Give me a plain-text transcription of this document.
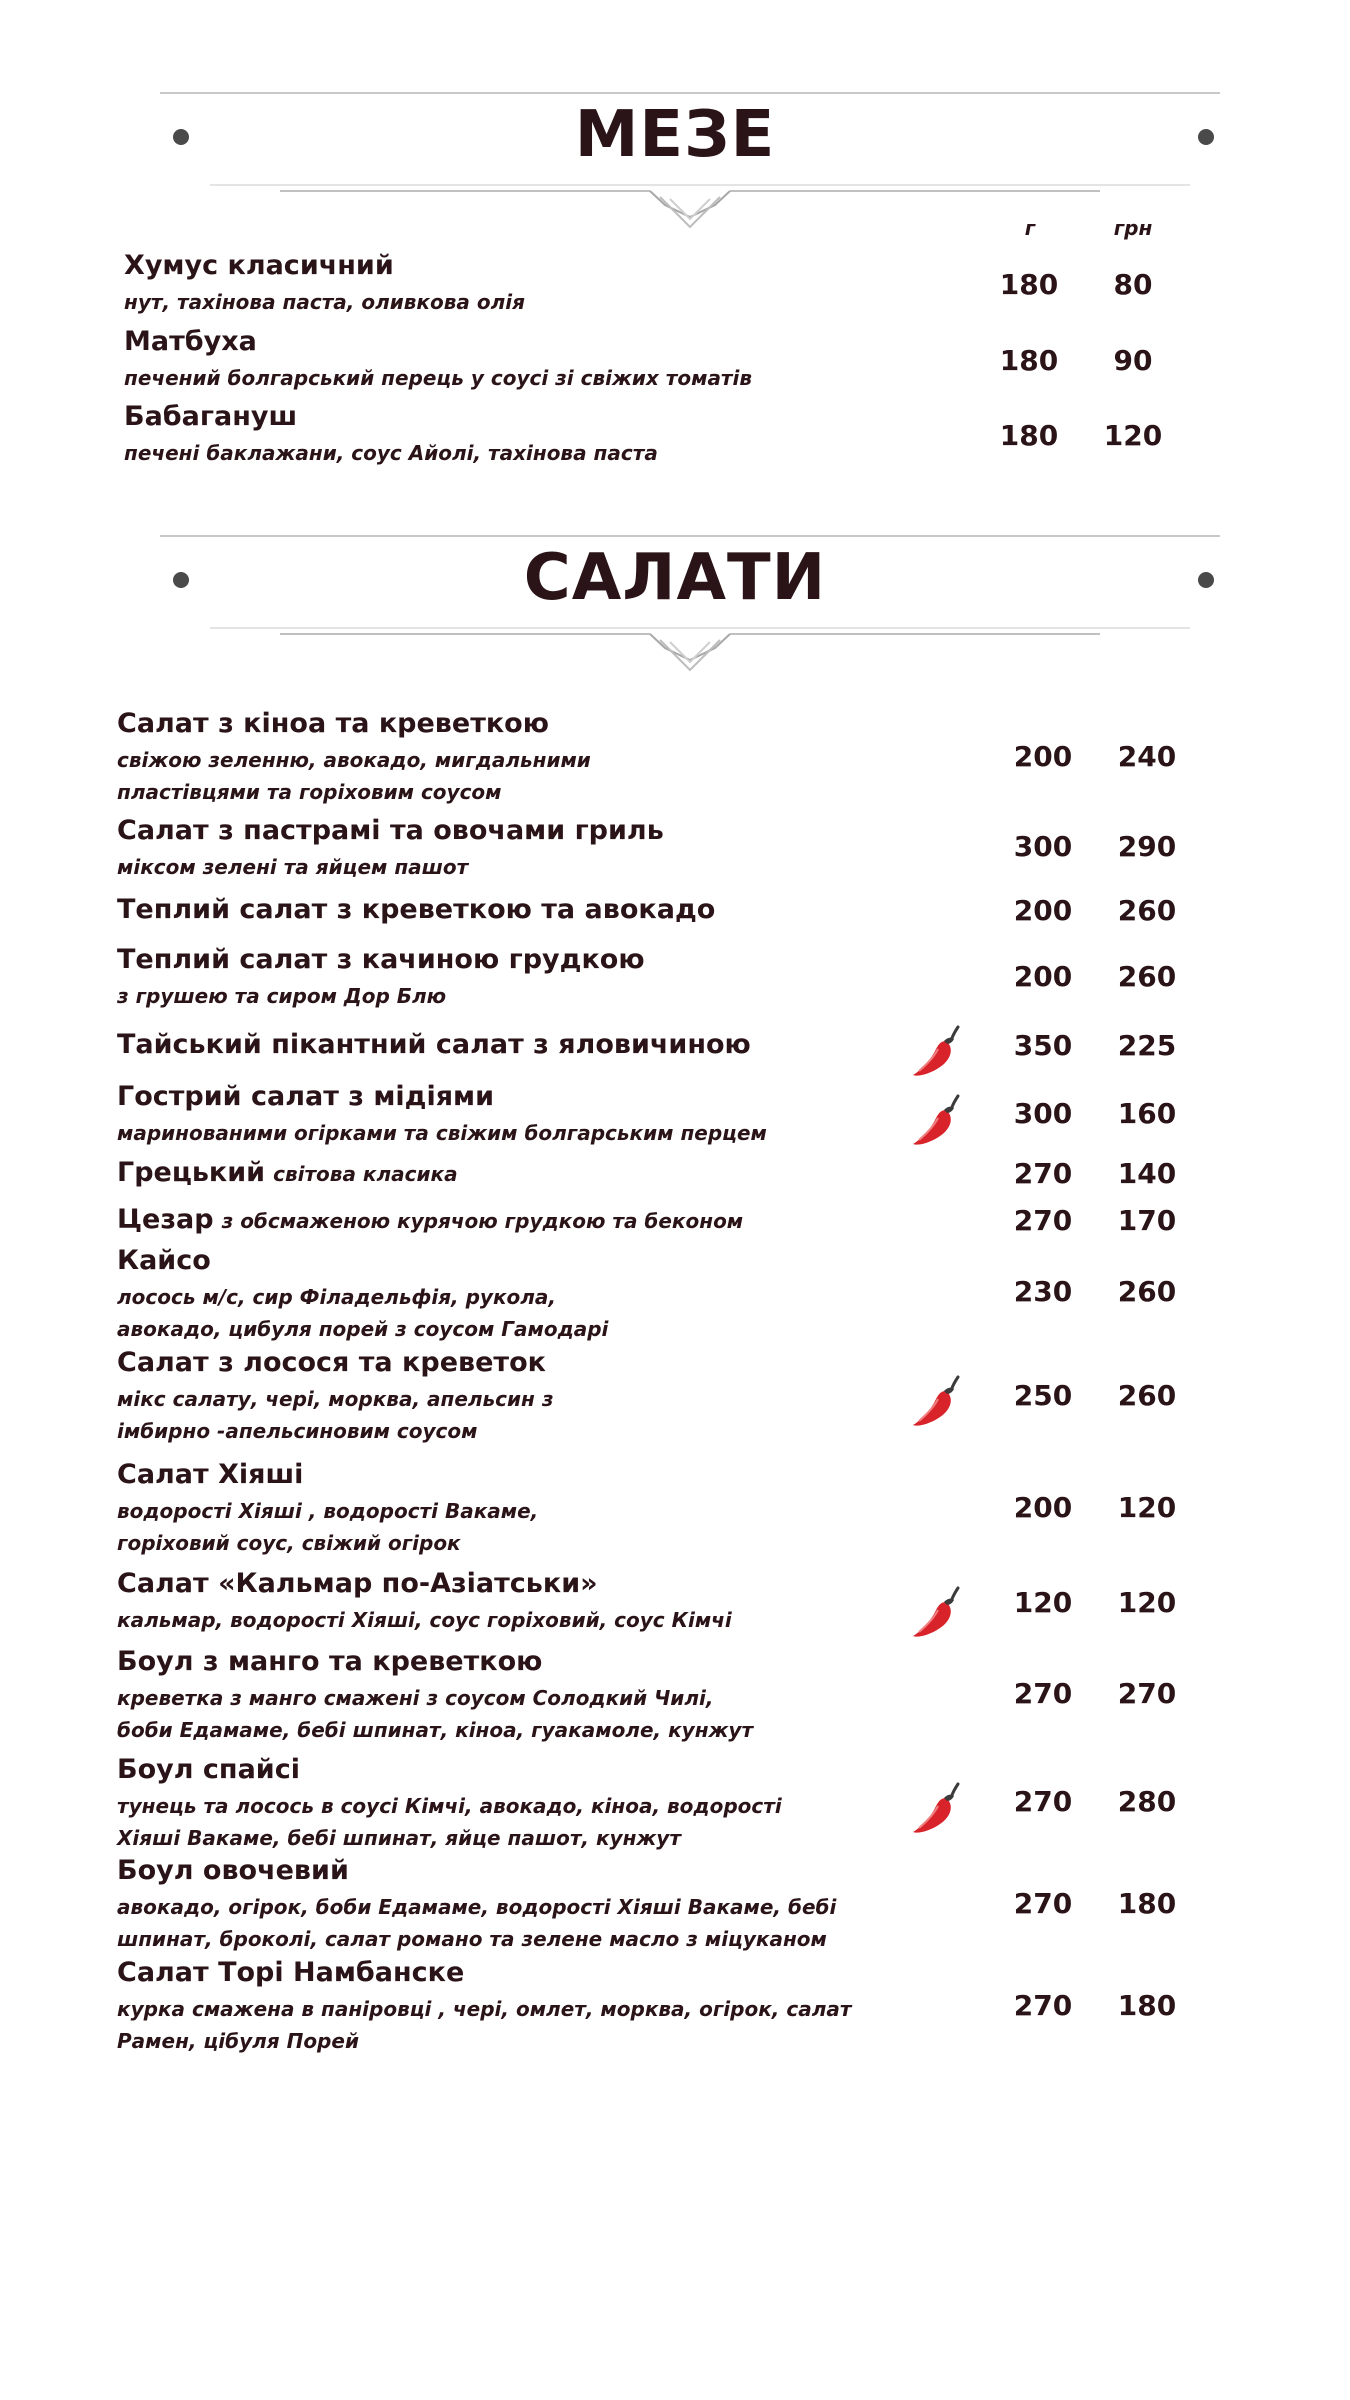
МЕЗЕ
г	грн
Хумус класичний
нут, тахінова паста, оливкова олія
180	80
Матбуха
печений болгарський перець у соусі зі свіжих томатів
180	90
Бабагануш
печені баклажани, соус Айолі, тахінова паста
180	120
САЛАТИ
Салат з кіноа та креветкою
свіжою зеленню, авокадо, мигдальними
пластівцями та горіховим соусом
200	240
Салат з пастрамі та овочами гриль
міксом зелені та яйцем пашот
300	290
Теплий салат з креветкою та авокадо	200	260
Теплий салат з качиною грудкою
з грушею та сиром Дор Блю
200	260
Тайський пікантний салат з яловичиною	350	225
Гострий салат з мідіями
маринованими огірками та свіжим болгарським перцем
300	160
Грецький світова класика	270	140
Цезар з обсмаженою курячою грудкою та беконом	270	170
Кайсо
лосось м/с, сир Філадельфія, рукола,
авокадо, цибуля порей з соусом Гамодарі
230	260
Салат з лосося та креветок
мікс салату, чері, морква, апельсин з
імбирно -апельсиновим соусом
250	260
Салат Хіяші
водорості Хіяші , водорості Вакаме,
горіховий соус, свіжий огірок
200	120
Салат «Кальмар по-Азіатськи»
кальмар, водорості Хіяші, соус горіховий, соус Кімчі
120	120
Боул з манго та креветкою
креветка з манго смажені з соусом Солодкий Чилі,
боби Едамаме, бебі шпинат, кіноа, гуакамоле, кунжут
270	270
Боул спайсі
тунець та лосось в соусі Кімчі, авокадо, кіноа, водорості
Хіяші Вакаме, бебі шпинат, яйце пашот, кунжут
270	280
Боул овочевий
авокадо, огірок, боби Едамаме, водорості Хіяші Вакаме, бебі
шпинат, броколі, салат романо та зелене масло з міцуканом
270	180
Салат Торі Намбанске
курка смажена в паніровці , чері, омлет, морква, огірок, салат
Рамен, цібуля Порей
270	180
